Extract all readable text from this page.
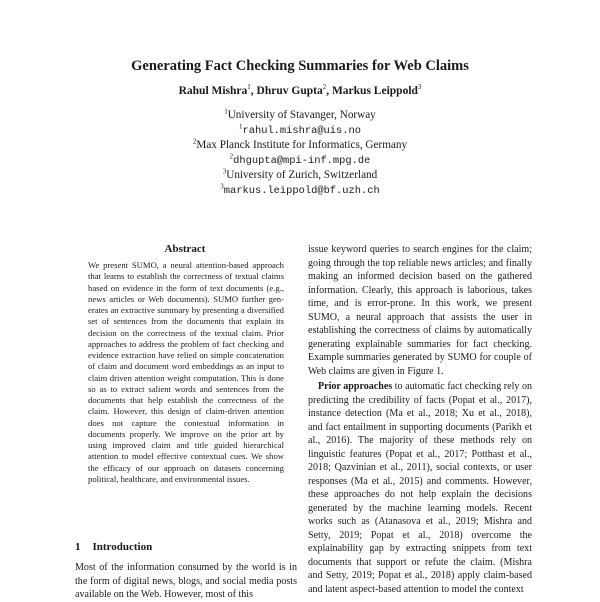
Generating Fact Checking Summaries for Web Claims
Rahul Mishra$^1$, Dhruv Gupta$^2$, Markus Leippold$^3$
$^1$University of Stavanger, Norway
$^1$rahul.mishra@uis.no
$^2$Max Planck Institute for Informatics, Germany
$^2$dhgupta@mpi-inf.mpg.de
$^3$University of Zurich, Switzerland
$^3$markus.leippold@bf.uzh.ch
Abstract
We present SUMO, a neural attention-based approach that learns to establish the correctness of textual claims based on evidence in the form of text documents (e.g., news articles or Web documents). SUMO further generates an extractive summary by presenting a diversified set of sentences from the documents that explain its decision on the correctness of the textual claim. Prior approaches to address the problem of fact checking and evidence extraction have relied on simple concatenation of claim and document word embeddings as an input to claim driven attention weight computation. This is done so as to extract salient words and sentences from the documents that help establish the correctness of the claim. However, this design of claim-driven attention does not capture the contextual information in documents properly. We improve on the prior art by using improved claim and title guided hierarchical attention to model effective contextual cues. We show the efficacy of our approach on datasets concerning political, healthcare, and environmental issues.
1 Introduction
Most of the information consumed by the world is in the form of digital news, blogs, and social media posts available on the Web. However, most of this

issue keyword queries to search engines for the claim; going through the top reliable news articles; and finally making an informed decision based on the gathered information. Clearly, this approach is laborious, takes time, and is error-prone. In this work, we present SUMO, a neural approach that assists the user in establishing the correctness of claims by automatically generating explainable summaries for fact checking. Example summaries generated by SUMO for couple of Web claims are given in Figure 1.

Prior approaches to automatic fact checking rely on predicting the credibility of facts (Popat et al., 2017), instance detection (Ma et al., 2018; Xu et al., 2018), and fact entailment in supporting documents (Parikh et al., 2016). The majority of these methods rely on linguistic features (Popat et al., 2017; Potthast et al., 2018; Qazvinian et al., 2011), social contexts, or user responses (Ma et al., 2015) and comments. However, these approaches do not help explain the decisions generated by the machine learning models. Recent works such as (Atanasova et al., 2019; Mishra and Setty, 2019; Popat et al., 2018) overcome the explainability gap by extracting snippets from text documents that support or refute the claim. (Mishra and Setty, 2019; Popat et al., 2018) apply claim-based and latent aspect-based attention to model the context
